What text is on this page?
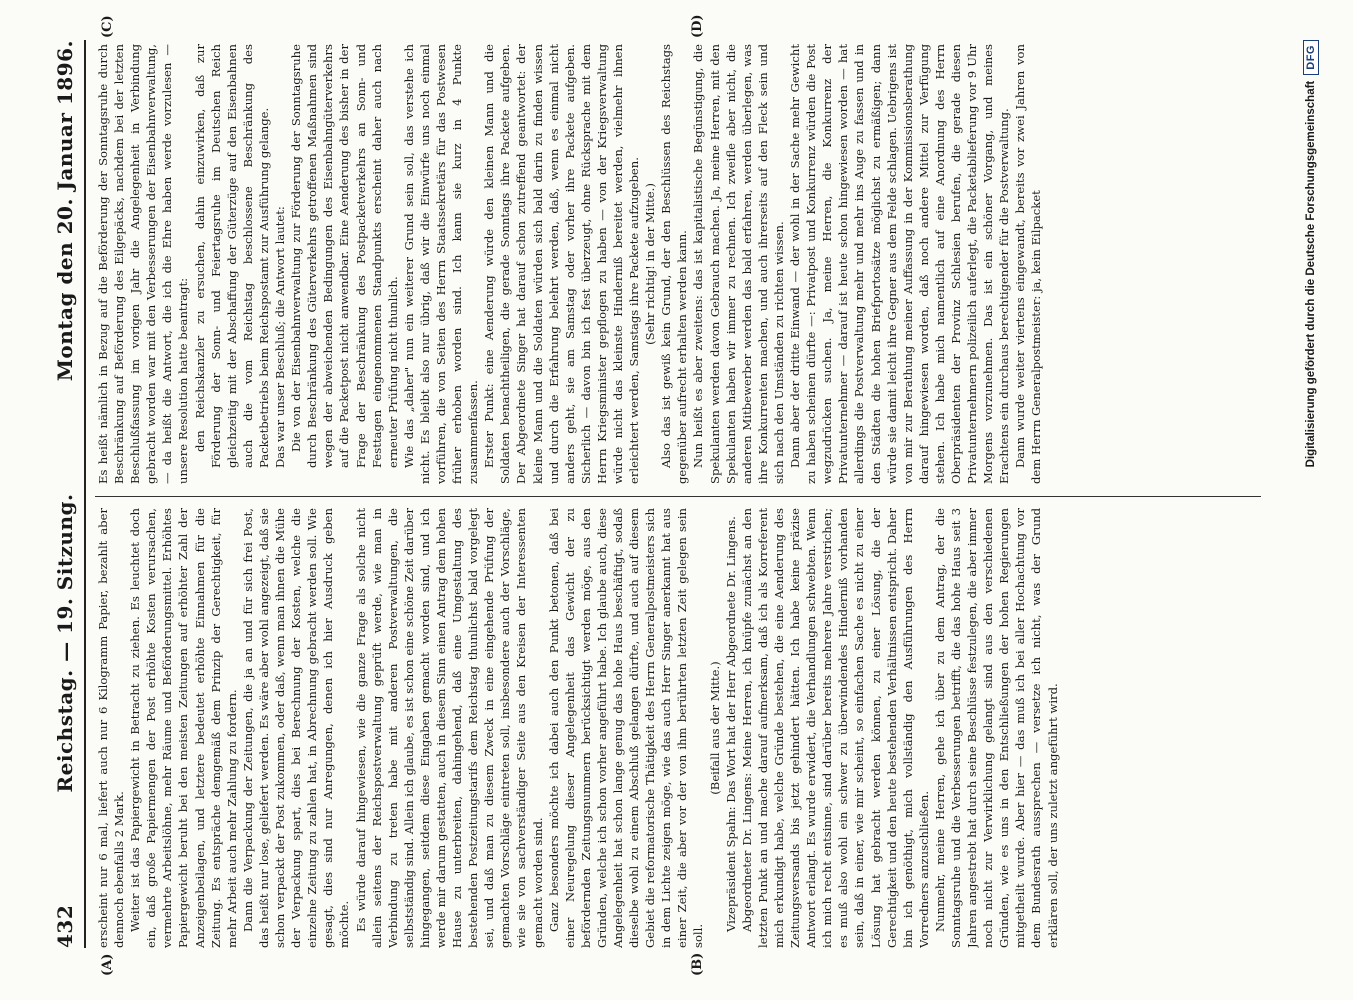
432
Reichstag. — 19. Sitzung.
Montag den 20. Januar 1896.
(A)	(B)
(C)	(D)

erscheint nur 6 mal, liefert auch nur 6 Kilogramm Papier, bezahlt aber dennoch ebenfalls 2 Mark. Weiter ist das Papiergewicht in Betracht zu ziehen. Es leuchtet doch ein, daß große Papiermengen der Post erhöhte Kosten verursachen, vermehrte Arbeitslöhne, mehr Räume und Beförderungsmittel. Erhöhtes Papiergewicht beruht bei den meisten Zeitungen auf erhöhter Zahl der Anzeigenbeilagen, und letztere bedeutet erhöhte Einnahmen für die Zeitung. Es entspräche demgemäß dem Prinzip der Gerechtigkeit, für mehr Arbeit auch mehr Zahlung zu fordern. Dann die Verpackung der Zeitungen, die ja an und für sich frei Post, das heißt nur lose, geliefert werden. Es wäre aber wohl angezeigt, daß sie schon verpackt der Post zukommen, oder daß, wenn man ihnen die Mühe der Verpackung spart, dies bei Berechnung der Kosten, welche die einzelne Zeitung zu zahlen hat, in Abrechnung gebracht werden soll. Wie gesagt, dies sind nur Anregungen, denen ich hier Ausdruck geben möchte. Es würde darauf hingewiesen, wie die ganze Frage als solche nicht allein seitens der Reichspostverwaltung geprüft werde, wie man in Verbindung zu treten habe mit anderen Postverwaltungen, die selbstständig sind. Allein ich glaube, es ist schon eine schöne Zeit darüber hingegangen, seitdem diese Eingaben gemacht worden sind, und ich werde mir darum gestatten, auch in diesem Sinn einen Antrag dem hohen Hause zu unterbreiten, dahingehend, daß eine Umgestaltung des bestehenden Postzeitungstarifs dem Reichstag thunlichst bald vorgelegt sei, und daß man zu diesem Zweck in eine eingehende Prüfung der gemachten Vorschläge eintreten soll, insbesondere auch der Vorschläge, wie sie von sachverständiger Seite aus den Kreisen der Interessenten gemacht worden sind. Ganz besonders möchte ich dabei auch den Punkt betonen, daß bei einer Neuregelung dieser Angelegenheit das Gewicht der zu befördernden Zeitungsnummern berücksichtigt werden möge, aus den Gründen, welche ich schon vorher angeführt habe. Ich glaube auch, diese Angelegenheit hat schon lange genug das hohe Haus beschäftigt, sodaß dieselbe wohl zu einem Abschluß gelangen dürfte, und auch auf diesem Gebiet die reformatorische Thätigkeit des Herrn Generalpostmeisters sich in dem Lichte zeigen möge, wie das auch Herr Singer anerkannt hat aus einer Zeit, die aber vor der von ihm berührten letzten Zeit gelegen sein soll.

(Beifall aus der Mitte.) Vizepräsident Spahn: Das Wort hat der Herr Abgeordnete Dr. Lingens. Abgeordneter Dr. Lingens: Meine Herren, ich knüpfe zunächst an den letzten Punkt an und mache darauf aufmerksam, daß ich als Korreferent mich erkundigt habe, welche Gründe bestehen, die eine Aenderung des Zeitungsversands bis jetzt gehindert hätten. Ich habe keine präzise Antwort erlangt. Es wurde erwidert, die Verhandlungen schwebten. Wenn ich mich recht entsinne, sind darüber bereits mehrere Jahre verstrichen; es muß also wohl ein schwer zu überwindendes Hinderniß vorhanden sein, daß in einer, wie mir scheint, so einfachen Sache es nicht zu einer Lösung hat gebracht werden können, zu einer Lösung, die der Gerechtigkeit und den heute bestehenden Verhältnissen entspricht. Daher bin ich genöthigt, mich vollständig den Ausführungen des Herrn Vorredners anzuschließen. Nunmehr, meine Herren, gehe ich über zu dem Antrag, der die Sonntagsruhe und die Verbesserungen betrifft, die das hohe Haus seit 3 Jahren angestrebt hat durch seine Beschlüsse festzulegen, die aber immer noch nicht zur Verwirklichung gelangt sind aus den verschiedenen Gründen, wie es uns in den Entschließungen der hohen Regierungen mitgetheilt wurde. Aber hier — das muß ich bei aller Hochachtung vor dem Bundesrath aussprechen — versetze ich nicht, was der Grund erklären soll, der uns zuletzt angeführt wird.

Es heißt nämlich in Bezug auf die Beförderung der Sonntagsruhe durch Beschränkung auf Beförderung des Eilgepäcks, nachdem bei der letzten Beschlußfassung im vorigen Jahr die Angelegenheit in Verbindung gebracht worden war mit den Verbesserungen der Eisenbahnverwaltung, — da heißt die Antwort, die ich die Ehre haben werde vorzulesen — unsere Resolution hatte beantragt: den Reichskanzler zu ersuchen, dahin einzuwirken, daß zur Förderung der Sonn- und Feiertagsruhe im Deutschen Reich gleichzeitig mit der Abschaffung der Güterzüge auf den Eisenbahnen auch die vom Reichstag beschlossene Beschränkung des Packetbetriebs beim Reichspostamt zur Ausführung gelange. Das war unser Beschluß; die Antwort lautet: Die von der Eisenbahnverwaltung zur Förderung der Sonntagsruhe durch Beschränkung des Güterverkehrs getroffenen Maßnahmen sind wegen der abweichenden Bedingungen des Eisenbahngüterverkehrs auf die Packetpost nicht anwendbar. Eine Aenderung des bisher in der Frage der Beschränkung des Postpacketverkehrs an Sonn- und Festtagen eingenommenen Standpunkts erscheint daher auch nach erneuter Prüfung nicht thunlich. Wie das „daher" nun ein weiterer Grund sein soll, das verstehe ich nicht. Es bleibt also nur übrig, daß wir die Einwürfe uns noch einmal vorführen, die von Seiten des Herrn Staatssekretärs für das Postwesen früher erhoben worden sind. Ich kann sie kurz in 4 Punkte zusammenfassen. Erster Punkt: eine Aenderung würde den kleinen Mann und die Soldaten benachtheiligen, die gerade Sonntags ihre Packete aufgeben. Der Abgeordnete Singer hat darauf schon zutreffend geantwortet: der kleine Mann und die Soldaten würden sich bald darin zu finden wissen und durch die Erfahrung belehrt werden, daß, wenn es einmal nicht anders geht, sie am Samstag oder vorher ihre Packete aufgeben. Sicherlich — davon bin ich fest überzeugt, ohne Rücksprache mit dem Herrn Kriegsminister gepflogen zu haben — von der Kriegsverwaltung würde nicht das kleinste Hinderniß bereitet werden, vielmehr ihnen erleichtert werden, Samstags ihre Packete aufzugeben. (Sehr richtig! in der Mitte.) Also das ist gewiß kein Grund, der den Beschlüssen des Reichstags gegenüber aufrecht erhalten werden kann. Nun heißt es aber zweitens: das ist kapitalistische Begünstigung, die Spekulanten werden davon Gebrauch machen. Ja, meine Herren, mit den Spekulanten haben wir immer zu rechnen. Ich zweifle aber nicht, die anderen Mitbewerber werden das bald erfahren, werden überlegen, was ihre Konkurrenten machen, und auch ihrerseits auf den Fleck sein und sich nach den Umständen zu richten wissen. Dann aber der dritte Einwand — der wohl in der Sache mehr Gewicht zu haben scheinen dürfte —: Privatpost und Konkurrenz würden die Post wegzudrücken suchen. Ja, meine Herren, die Konkurrenz der Privatunternehmer — darauf ist heute schon hingewiesen worden — hat allerdings die Postverwaltung mehr und mehr ins Auge zu fassen und in den Städten die hohen Briefportosätze möglichst zu ermäßigen; dann würde sie damit leicht ihre Gegner aus dem Felde schlagen. Uebrigens ist von mir zur Berathung meiner Auffassung in der Kommissionsberathung darauf hingewiesen worden, daß noch andere Mittel zur Verfügung stehen. Ich habe mich namentlich auf eine Anordnung des Herrn Oberpräsidenten der Provinz Schlesien berufen, die gerade diesen Privatunternehmern polizeilich auferlegt, die Packetablieferung vor 9 Uhr Morgens vorzunehmen. Das ist ein schöner Vorgang, und meines Erachtens ein durchaus berechtigender für die Postverwaltung. Dann wurde weiter viertens eingewandt, bereits vor zwei Jahren von dem Herrn Generalpostmeister: ja, kein Eilpacket	Digitalisierung gefördert durch die Deutsche Forschungsgemeinschaft
DFG
